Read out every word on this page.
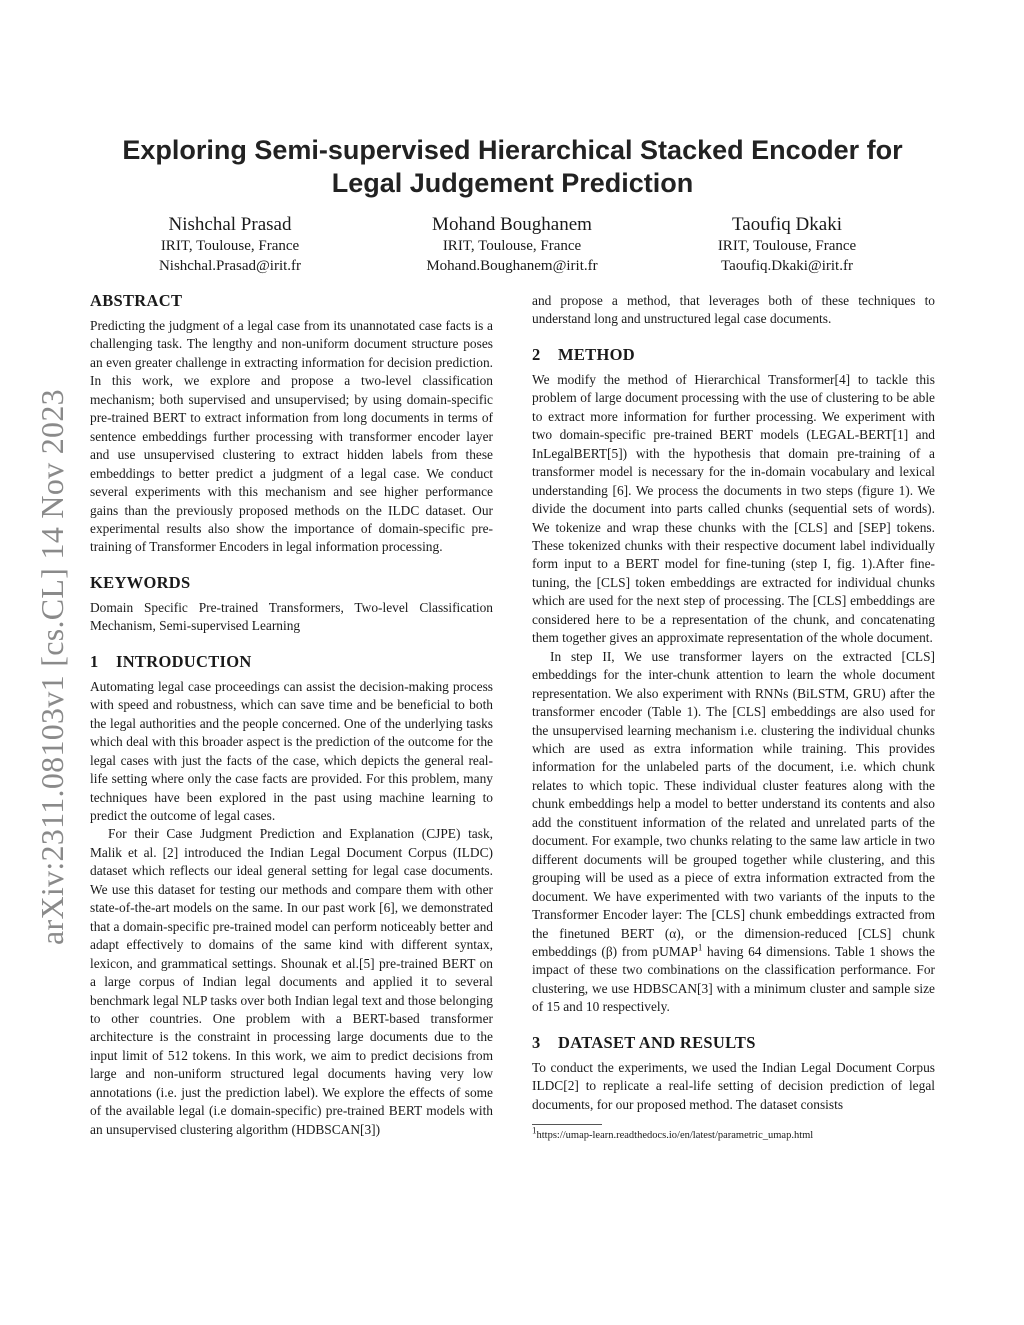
arXiv:2311.08103v1 [cs.CL] 14 Nov 2023
Exploring Semi-supervised Hierarchical Stacked Encoder for Legal Judgement Prediction
Nishchal Prasad
IRIT, Toulouse, France
Nishchal.Prasad@irit.fr
Mohand Boughanem
IRIT, Toulouse, France
Mohand.Boughanem@irit.fr
Taoufiq Dkaki
IRIT, Toulouse, France
Taoufiq.Dkaki@irit.fr
ABSTRACT

Predicting the judgment of a legal case from its unannotated case facts is a challenging task. The lengthy and non-uniform document structure poses an even greater challenge in extracting information for decision prediction. In this work, we explore and propose a two-level classification mechanism; both supervised and unsupervised; by using domain-specific pre-trained BERT to extract information from long documents in terms of sentence embeddings further processing with transformer encoder layer and use unsupervised clustering to extract hidden labels from these embeddings to better predict a judgment of a legal case. We conduct several experiments with this mechanism and see higher performance gains than the previously proposed methods on the ILDC dataset. Our experimental results also show the importance of domain-specific pre-training of Transformer Encoders in legal information processing.

KEYWORDS

Domain Specific Pre-trained Transformers, Two-level Classification Mechanism, Semi-supervised Learning

1 INTRODUCTION

Automating legal case proceedings can assist the decision-making process with speed and robustness, which can save time and be beneficial to both the legal authorities and the people concerned. One of the underlying tasks which deal with this broader aspect is the prediction of the outcome for the legal cases with just the facts of the case, which depicts the general real-life setting where only the case facts are provided. For this problem, many techniques have been explored in the past using machine learning to predict the outcome of legal cases.

For their Case Judgment Prediction and Explanation (CJPE) task, Malik et al. [2] introduced the Indian Legal Document Corpus (ILDC) dataset which reflects our ideal general setting for legal case documents. We use this dataset for testing our methods and compare them with other state-of-the-art models on the same. In our past work [6], we demonstrated that a domain-specific pre-trained model can perform noticeably better and adapt effectively to domains of the same kind with different syntax, lexicon, and grammatical settings. Shounak et al.[5] pre-trained BERT on a large corpus of Indian legal documents and applied it to several benchmark legal NLP tasks over both Indian legal text and those belonging to other countries. One problem with a BERT-based transformer architecture is the constraint in processing large documents due to the input limit of 512 tokens. In this work, we aim to predict decisions from large and non-uniform structured legal documents having very low annotations (i.e. just the prediction label). We explore the effects of some of the available legal (i.e domain-specific) pre-trained BERT models with an unsupervised clustering algorithm (HDBSCAN[3])

and propose a method, that leverages both of these techniques to understand long and unstructured legal case documents.

2 METHOD

We modify the method of Hierarchical Transformer[4] to tackle this problem of large document processing with the use of clustering to be able to extract more information for further processing. We experiment with two domain-specific pre-trained BERT models (LEGAL-BERT[1] and InLegalBERT[5]) with the hypothesis that domain pre-training of a transformer model is necessary for the in-domain vocabulary and lexical understanding [6]. We process the documents in two steps (figure 1). We divide the document into parts called chunks (sequential sets of words). We tokenize and wrap these chunks with the [CLS] and [SEP] tokens. These tokenized chunks with their respective document label individually form input to a BERT model for fine-tuning (step I, fig. 1).After fine-tuning, the [CLS] token embeddings are extracted for individual chunks which are used for the next step of processing. The [CLS] embeddings are considered here to be a representation of the chunk, and concatenating them together gives an approximate representation of the whole document.

In step II, We use transformer layers on the extracted [CLS] embeddings for the inter-chunk attention to learn the whole document representation. We also experiment with RNNs (BiLSTM, GRU) after the transformer encoder (Table 1). The [CLS] embeddings are also used for the unsupervised learning mechanism i.e. clustering the individual chunks which are used as extra information while training. This provides information for the unlabeled parts of the document, i.e. which chunk relates to which topic. These individual cluster features along with the chunk embeddings help a model to better understand its contents and also add the constituent information of the related and unrelated parts of the document. For example, two chunks relating to the same law article in two different documents will be grouped together while clustering, and this grouping will be used as a piece of extra information extracted from the document. We have experimented with two variants of the inputs to the Transformer Encoder layer: The [CLS] chunk embeddings extracted from the finetuned BERT (α), or the dimension-reduced [CLS] chunk embeddings (β) from pUMAP$^1$ having 64 dimensions. Table 1 shows the impact of these two combinations on the classification performance. For clustering, we use HDBSCAN[3] with a minimum cluster and sample size of 15 and 10 respectively.

3 DATASET AND RESULTS

To conduct the experiments, we used the Indian Legal Document Corpus ILDC[2] to replicate a real-life setting of decision prediction of legal documents, for our proposed method. The dataset consists

$^1$https://umap-learn.readthedocs.io/en/latest/parametric_umap.html
